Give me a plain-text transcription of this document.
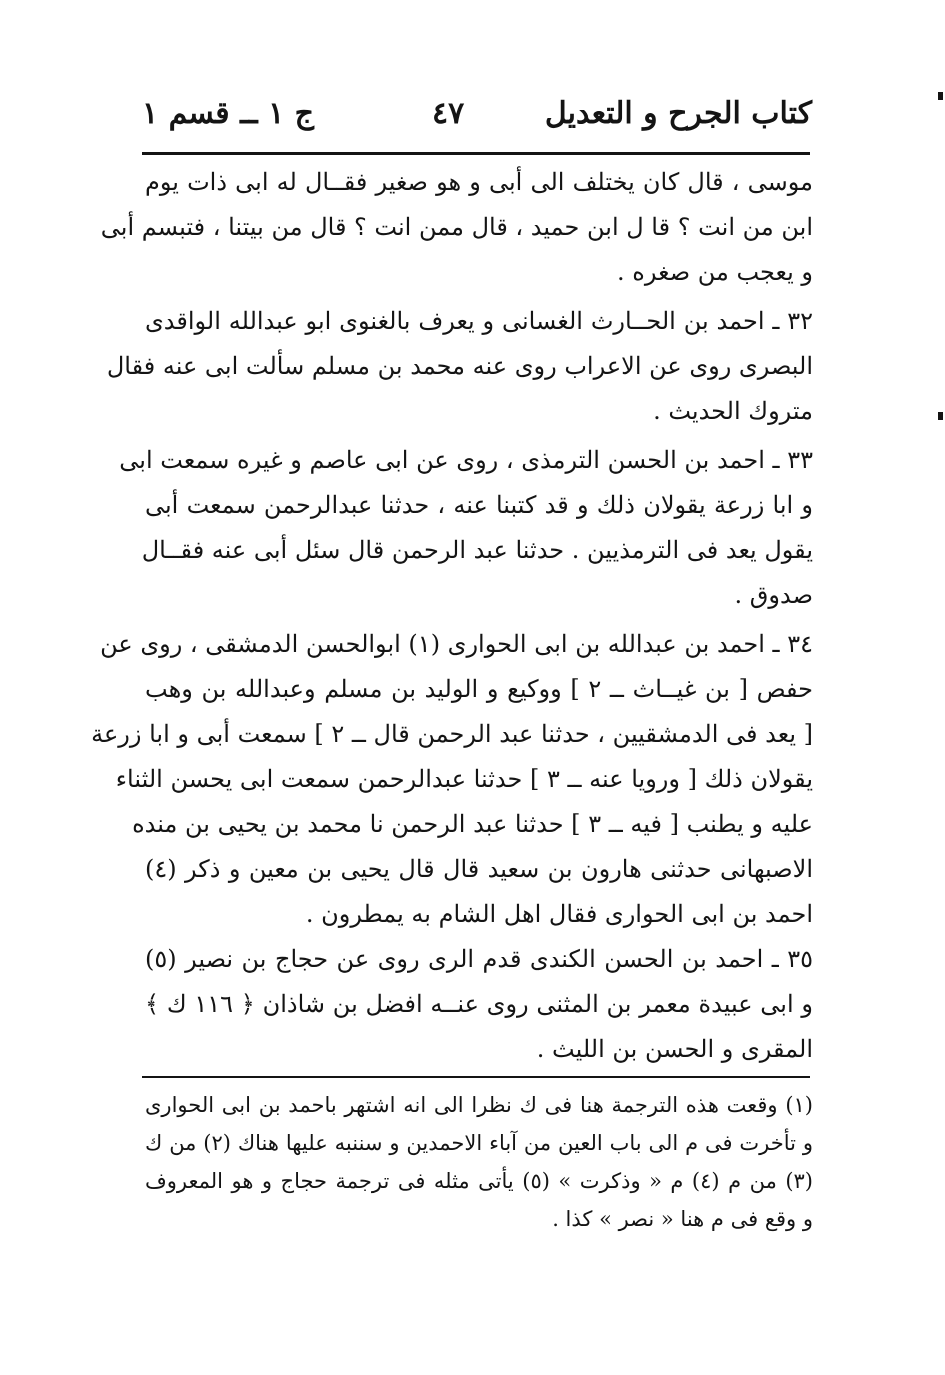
كتاب الجرح و التعديل
٤٧
ج ١ ــ قسم ١
موسى ، قال كان يختلف الى أبى و هو صغير فقــال له ابى ذات يوم
ابن من انت ؟ قا ل ابن حميد ، قال ممن انت ؟ قال من بيتنا ، فتبسم أبى
و يعجب من صغره .
٣٢ ـ احمد بن الحــارث الغسانى و يعرف بالغنوى ابو عبدالله الواقدى
البصرى روى عن الاعراب روى عنه محمد بن مسلم سألت ابى عنه فقال
متروك الحديث .
٣٣ ـ احمد بن الحسن الترمذى ، روى عن ابى عاصم و غيره سمعت ابى
و ابا زرعة يقولان ذلك و قد كتبنا عنه ، حدثنا عبدالرحمن سمعت أبى
يقول يعد فى الترمذيين . حدثنا عبد الرحمن قال سئل أبى عنه فقــال
صدوق .
٣٤ ـ احمد بن عبدالله بن ابى الحوارى (١) ابوالحسن الدمشقى ، روى عن
حفص [ بن غيــاث ــ ٢ ] ووكيع و الوليد بن مسلم وعبدالله بن وهب
[ يعد فى الدمشقيين ، حدثنا عبد الرحمن قال ــ ٢ ] سمعت أبى و ابا زرعة
يقولان ذلك [ ورويا عنه ــ ٣ ] حدثنا عبدالرحمن سمعت ابى يحسن الثناء
عليه و يطنب [ فيه ــ ٣ ] حدثنا عبد الرحمن نا محمد بن يحيى بن منده
الاصبهانى حدثنى هارون بن سعيد قال قال يحيى بن معين و ذكر (٤)
احمد بن ابى الحوارى فقال اهل الشام به يمطرون .
٣٥ ـ احمد بن الحسن الكندى قدم الرى روى عن حجاج بن نصير (٥)
و ابى عبيدة معمر بن المثنى روى عنــه افضل بن شاذان ﴿ ١١٦ ك ﴾
المقرى و الحسن بن الليث .
(١) وقعت هذه الترجمة هنا فى ك نظرا الى انه اشتهر باحمد بن ابى الحوارى
و تأخرت فى م الى باب العين من آباء الاحمدين و سننبه عليها هناك (٢) من ك
(٣) من م (٤) م « وذكرت » (٥) يأتى مثله فى ترجمة حجاج و هو المعروف
و وقع فى م هنا « نصر » كذا .
